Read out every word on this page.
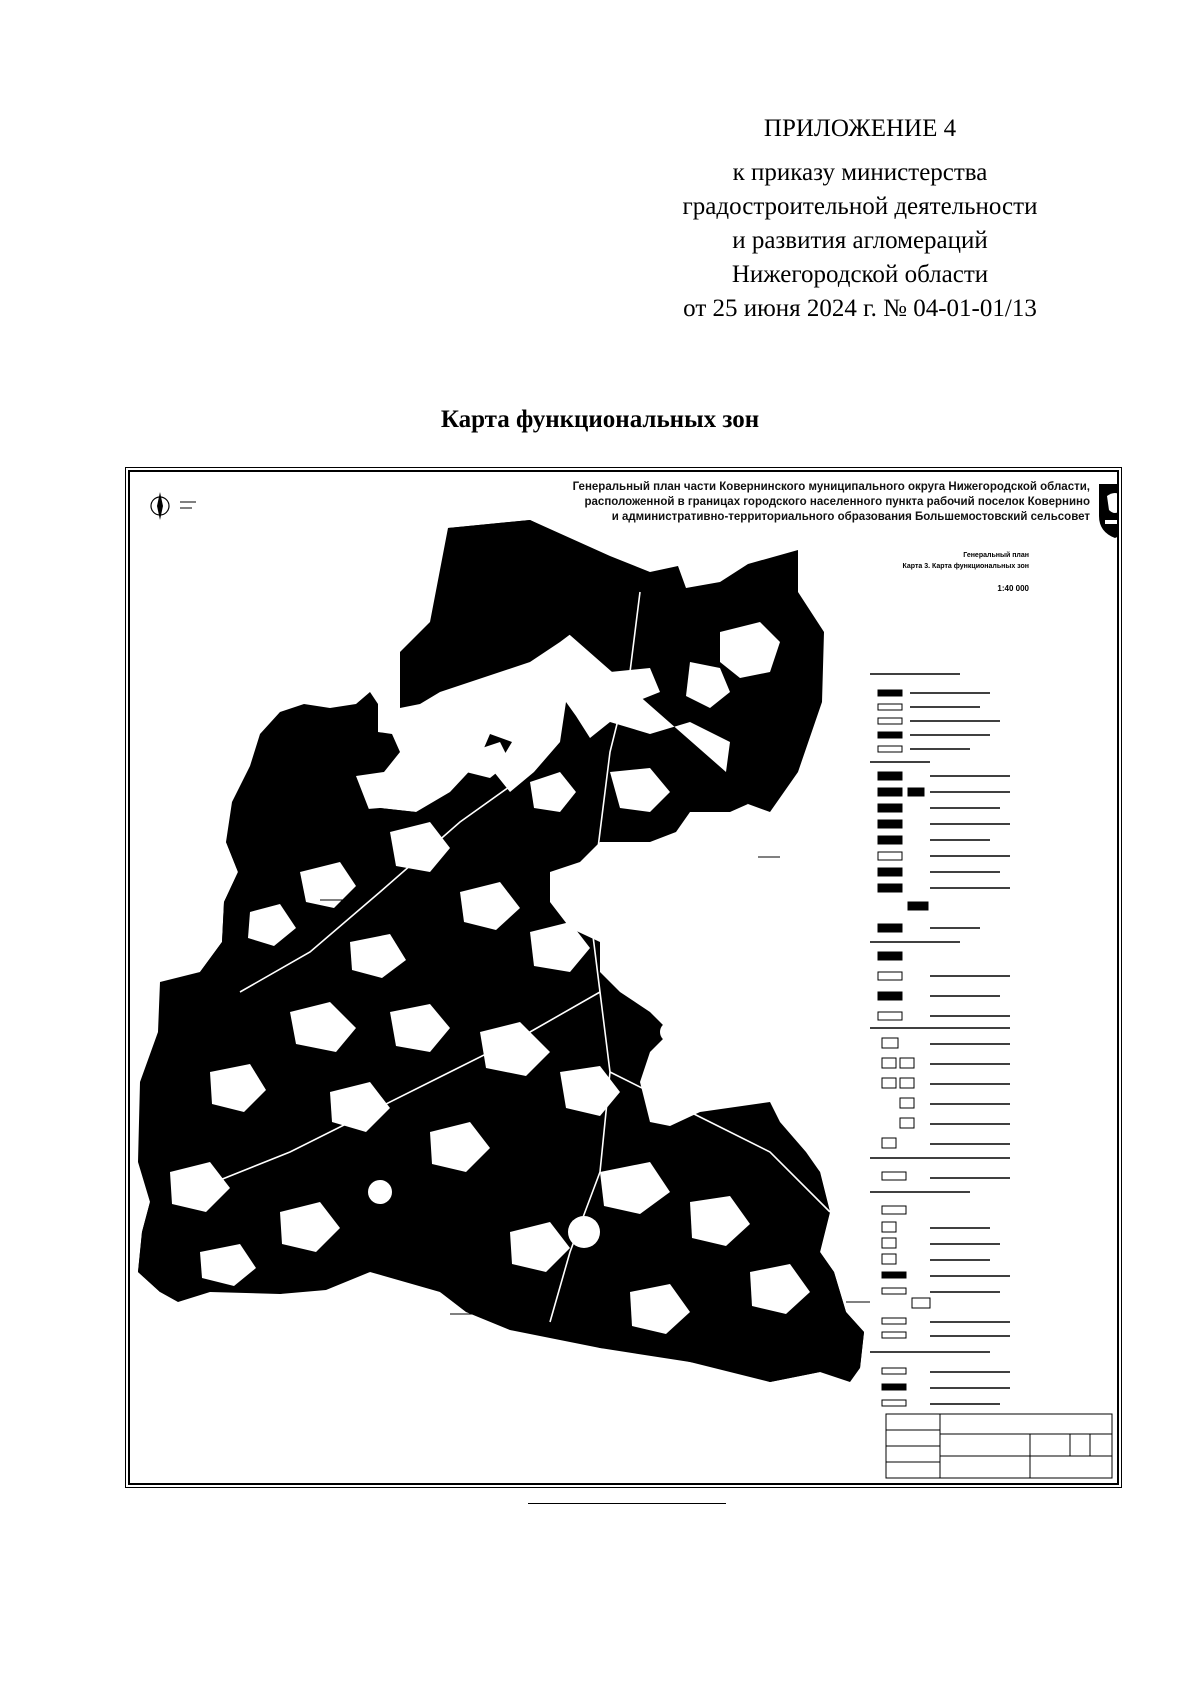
ПРИЛОЖЕНИЕ 4
к приказу министерства
градостроительной деятельности
и развития агломераций
Нижегородской области
от 25 июня 2024 г. № 04-01-01/13
Карта функциональных зон
Генеральный план части Ковернинского муниципального округа Нижегородской области,
расположенной в границах городского населенного пункта рабочий поселок Ковернино
и административно-территориального образования Большемостовский сельсовет
Генеральный план
Карта 3. Карта функциональных зон
1:40 000
